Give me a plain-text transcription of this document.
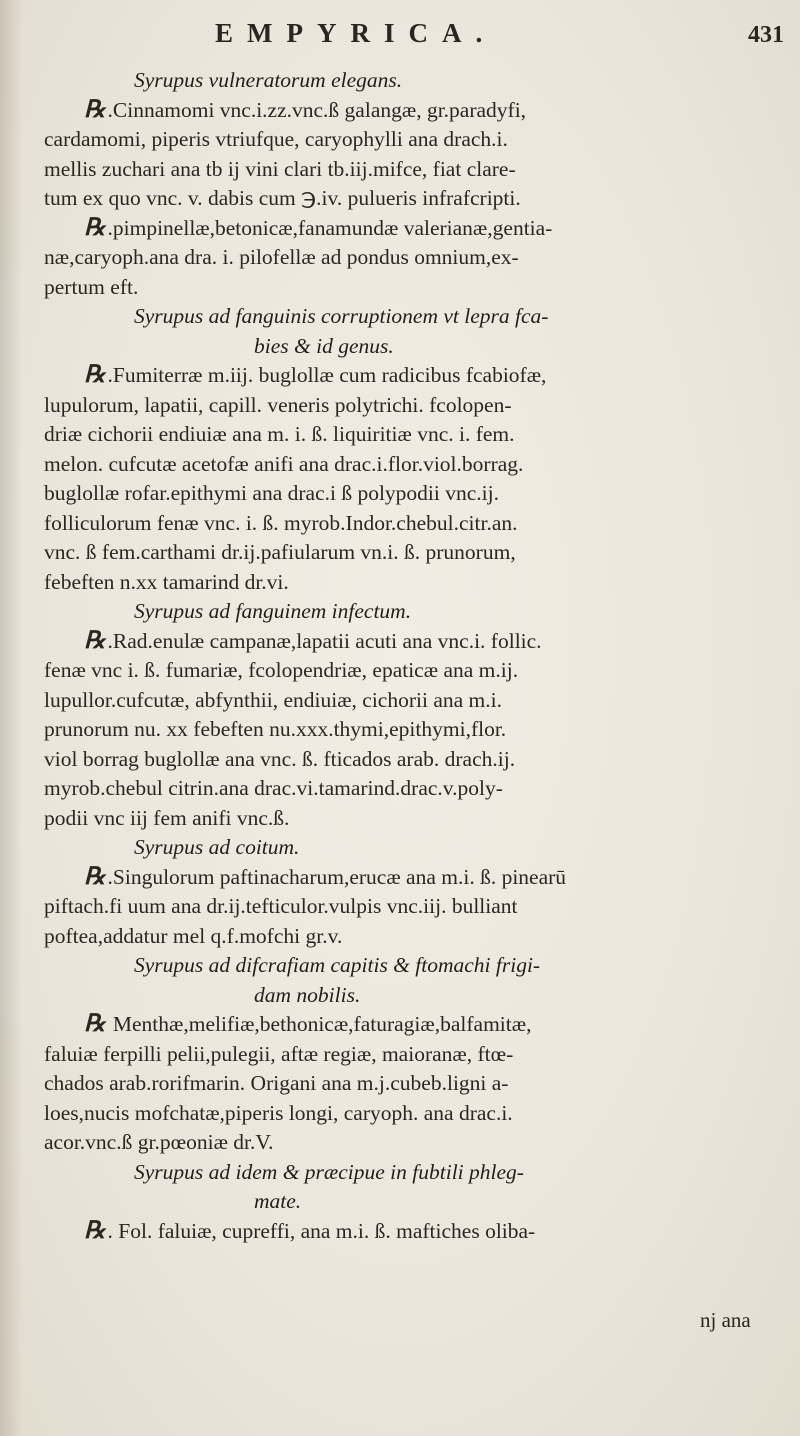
EMPYRICA.	431
Syrupus vulneratorum elegans.
℞.Cinnamomi vnc.i.zz.vnc.ß galangæ, gr.paradyfi,
cardamomi, piperis vtriufque, caryophylli ana drach.i.
mellis zuchari ana tb ij vini clari tb.iij.mifce, fiat clare-
tum ex quo vnc. v. dabis cum ℈.iv. pulueris infrafcripti.
℞.pimpinellæ,betonicæ,fanamundæ valerianæ,gentia-
næ,caryoph.ana dra. i. pilofellæ ad pondus omnium,ex-
pertum eft.
Syrupus ad fanguinis corruptionem vt lepra fca-
bies & id genus.
℞.Fumiterræ m.iij. buglollæ cum radicibus fcabiofæ,
lupulorum, lapatii, capill. veneris polytrichi. fcolopen-
driæ cichorii endiuiæ ana m. i. ß. liquiritiæ vnc. i. fem.
melon. cufcutæ acetofæ anifi ana drac.i.flor.viol.borrag.
buglollæ rofar.epithymi ana drac.i ß polypodii vnc.ij.
folliculorum fenæ vnc. i. ß. myrob.Indor.chebul.citr.an.
vnc. ß fem.carthami dr.ij.pafiularum vn.i. ß. prunorum,
febeften n.xx tamarind dr.vi.
Syrupus ad fanguinem infectum.
℞.Rad.enulæ campanæ,lapatii acuti ana vnc.i. follic.
fenæ vnc i. ß. fumariæ, fcolopendriæ, epaticæ ana m.ij.
lupullor.cufcutæ, abfynthii, endiuiæ, cichorii ana m.i.
prunorum nu. xx febeften nu.xxx.thymi,epithymi,flor.
viol borrag buglollæ ana vnc. ß. fticados arab. drach.ij.
myrob.chebul citrin.ana drac.vi.tamarind.drac.v.poly-
podii vnc iij fem anifi vnc.ß.
Syrupus ad coitum.
℞.Singulorum paftinacharum,erucæ ana m.i. ß. pinearū
piftach.fi uum ana dr.ij.tefticulor.vulpis vnc.iij. bulliant
poftea,addatur mel q.f.mofchi gr.v.
Syrupus ad difcrafiam capitis & ftomachi frigi-
dam nobilis.
℞ Menthæ,melifiæ,bethonicæ,faturagiæ,balfamitæ,
faluiæ ferpilli pelii,pulegii, aftæ regiæ, maioranæ, ftœ-
chados arab.rorifmarin. Origani ana m.j.cubeb.ligni a-
loes,nucis mofchatæ,piperis longi, caryoph. ana drac.i.
acor.vnc.ß gr.pœoniæ dr.V.
Syrupus ad idem & præcipue in fubtili phleg-
mate.
℞. Fol. faluiæ, cupreffi, ana m.i. ß. maftiches oliba-
nj ana
